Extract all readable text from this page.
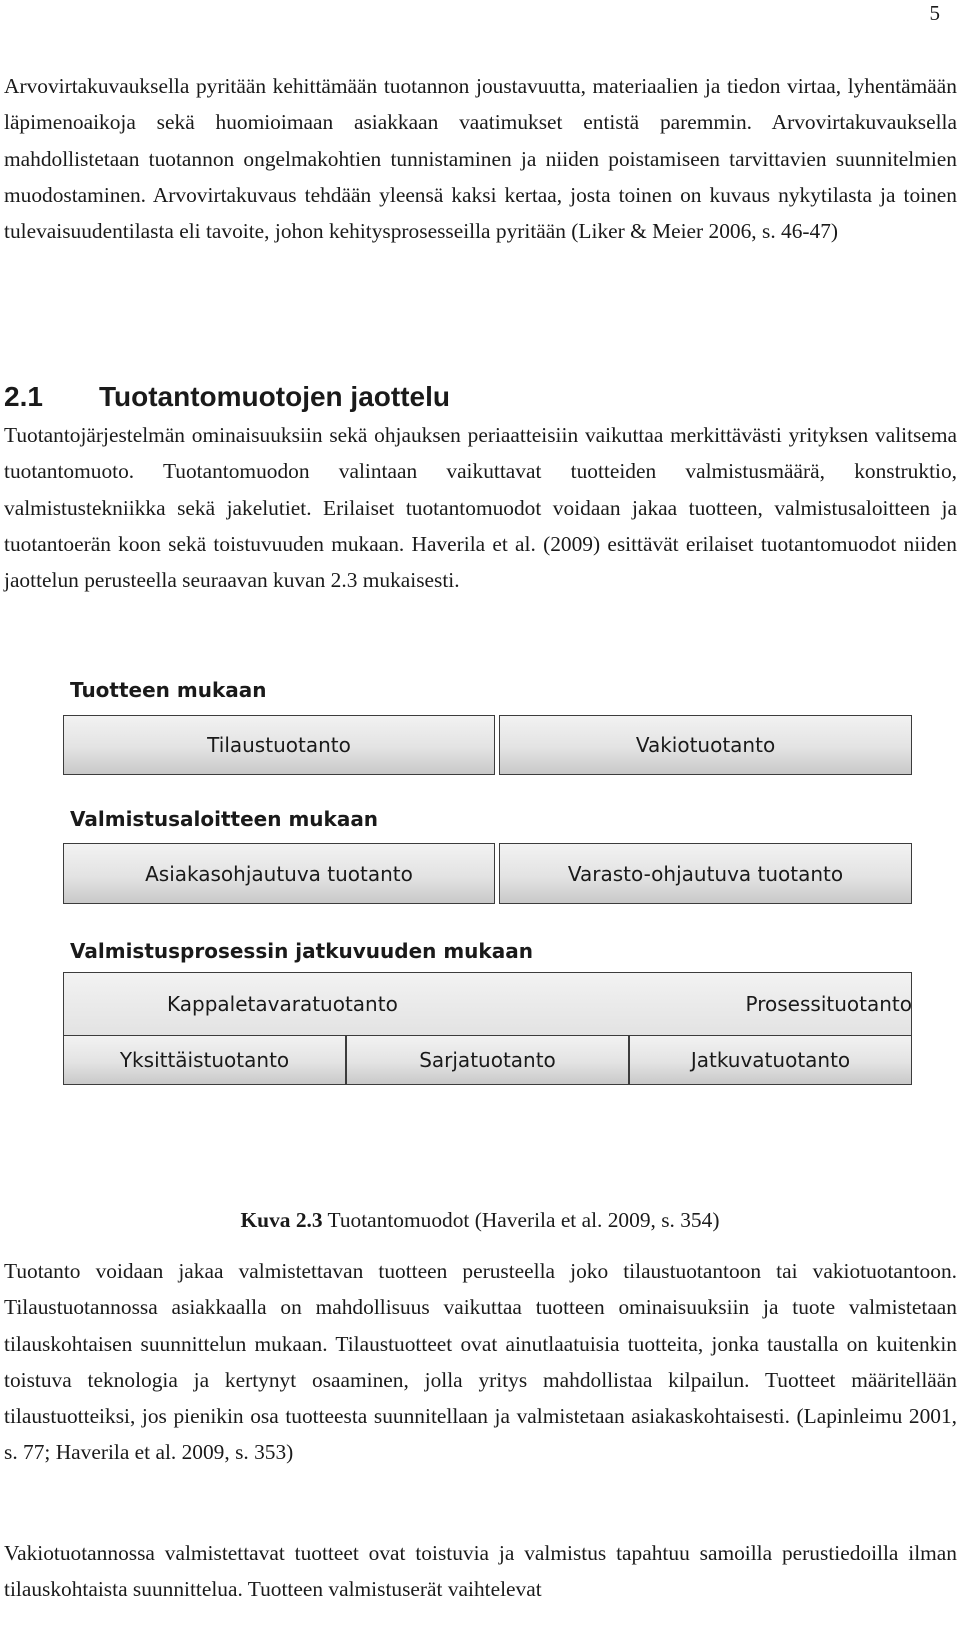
5

Arvovirtakuvauksella pyritään kehittämään tuotannon joustavuutta, materiaalien ja tiedon virtaa, lyhentämään läpimenoaikoja sekä huomioimaan asiakkaan vaatimukset entistä paremmin. Arvovirtakuvauksella mahdollistetaan tuotannon ongelmakohtien tunnistaminen ja niiden poistamiseen tarvittavien suunnitelmien muodostaminen. Arvovirtakuvaus tehdään yleensä kaksi kertaa, josta toinen on kuvaus nykytilasta ja toinen tulevaisuudentilasta eli tavoite, johon kehitysprosesseilla pyritään (Liker & Meier 2006, s. 46-47)

2.1 Tuotantomuotojen jaottelu

Tuotantojärjestelmän ominaisuuksiin sekä ohjauksen periaatteisiin vaikuttaa merkittävästi yrityksen valitsema tuotantomuoto. Tuotantomuodon valintaan vaikuttavat tuotteiden valmistusmäärä, konstruktio, valmistustekniikka sekä jakelutiet. Erilaiset tuotantomuodot voidaan jakaa tuotteen, valmistusaloitteen ja tuotantoerän koon sekä toistuvuuden mukaan. Haverila et al. (2009) esittävät erilaiset tuotantomuodot niiden jaottelun perusteella seuraavan kuvan 2.3 mukaisesti.

Tuotteen mukaan
Tilaustuotanto	Vakiotuotanto
Valmistusaloitteen mukaan
Asiakasohjautuva tuotanto	Varasto-ohjautuva tuotanto
Valmistusprosessin jatkuvuuden mukaan
Kappaletavaratuotanto	Prosessituotanto
Yksittäistuotanto	Sarjatuotanto	Jatkuvatuotanto

Kuva 2.3 Tuotantomuodot (Haverila et al. 2009, s. 354)

Tuotanto voidaan jakaa valmistettavan tuotteen perusteella joko tilaustuotantoon tai vakiotuotantoon. Tilaustuotannossa asiakkaalla on mahdollisuus vaikuttaa tuotteen ominaisuuksiin ja tuote valmistetaan tilauskohtaisen suunnittelun mukaan. Tilaustuotteet ovat ainutlaatuisia tuotteita, jonka taustalla on kuitenkin toistuva teknologia ja kertynyt osaaminen, jolla yritys mahdollistaa kilpailun. Tuotteet määritellään tilaustuotteiksi, jos pienikin osa tuotteesta suunnitellaan ja valmistetaan asiakaskohtaisesti. (Lapinleimu 2001, s. 77; Haverila et al. 2009, s. 353)

Vakiotuotannossa valmistettavat tuotteet ovat toistuvia ja valmistus tapahtuu samoilla perustiedoilla ilman tilauskohtaista suunnittelua. Tuotteen valmistuserät vaihtelevat
